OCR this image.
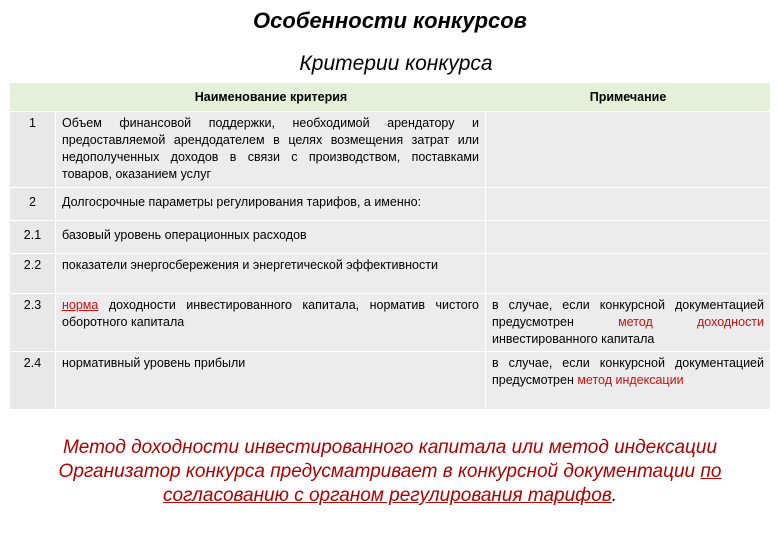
Особенности конкурсов
Критерии конкурса
	Наименование критерия	Примечание
1	Объем финансовой поддержки, необходимой арендатору и предоставляемой арендодателем в целях возмещения затрат или недополученных доходов в связи с производством, поставками товаров, оказанием услуг	
2	Долгосрочные параметры регулирования тарифов, а именно:	
2.1	базовый уровень операционных расходов	
2.2	показатели энергосбережения и энергетической эффективности	
2.3	норма доходности инвестированного капитала, норматив чистого оборотного капитала	в случае, если конкурсной документацией предусмотрен метод доходности инвестированного капитала
2.4	нормативный уровень прибыли	в случае, если конкурсной документацией предусмотрен метод индексации
Метод доходности инвестированного капитала или метод индексации Организатор конкурса предусматривает в конкурсной документации по согласованию с органом регулирования тарифов.
